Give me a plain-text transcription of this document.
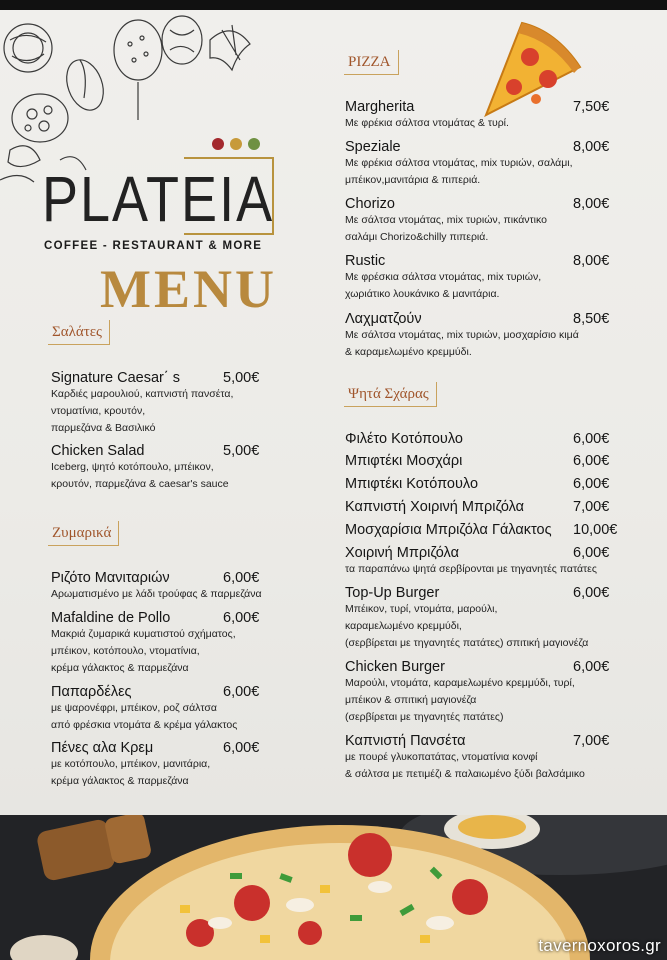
PLATEIA
COFFEE - RESTAURANT & MORE
MENU
Σαλάτες
Signature Caesar΄ s	5,00€
Καρδιές μαρουλιού, καπνιστή πανσέτα,
ντοματίνια, κρουτόν,
παρμεζάνα & Βασιλικό
Chicken Salad	5,00€
Iceberg, ψητό κοτόπουλο, μπέικον,
κρουτόν, παρμεζάνα & caesar's sauce
Ζυμαρικά
Ριζότο Μανιταριών	6,00€
Αρωματισμένο με λάδι τρούφας & παρμεζάνα
Mafaldine de Pollo	6,00€
Μακριά ζυμαρικά κυματιστού σχήματος,
μπέικον, κοτόπουλο, ντοματίνια,
κρέμα γάλακτος & παρμεζάνα
Παπαρδέλες	6,00€
με ψαρονέφρι, μπέικον, ροζ σάλτσα
από φρέσκια ντομάτα & κρέμα γάλακτος
Πένες αλα Κρεμ	6,00€
με κοτόπουλο, μπέικον, μανιτάρια,
κρέμα γάλακτος & παρμεζάνα
PIZZA
Margherita	7,50€
Με φρέκια σάλτσα ντομάτας & τυρί.
Speziale	8,00€
Με φρέκια σάλτσα ντομάτας, mix τυριών, σαλάμι,
μπέικον,μανιτάρια & πιπεριά.
Chorizo	8,00€
Με σάλτσα ντομάτας, mix τυριών, πικάντικο
σαλάμι Chorizo&chilly πιπεριά.
Rustic	8,00€
Με φρέσκια σάλτσα ντομάτας, mix τυριών,
χωριάτικο λουκάνικο & μανιτάρια.
Λαχματζούν	8,50€
Με σάλτσα ντομάτας, mix τυριών, μοσχαρίσιο κιμά
& καραμελωμένο κρεμμύδι.
Ψητά Σχάρας
Φιλέτο Κοτόπουλο	6,00€
Μπιφτέκι Μοσχάρι	6,00€
Μπιφτέκι Κοτόπουλο	6,00€
Καπνιστή Χοιρινή Μπριζόλα	7,00€
Μοσχαρίσια Μπριζόλα Γάλακτος	10,00€
Χοιρινή Μπριζόλα	6,00€
τα παραπάνω ψητά σερβίρονται με τηγανητές πατάτες
Top-Up Burger	6,00€
Μπέικον, τυρί, ντομάτα, μαρούλι,
καραμελωμένο κρεμμύδι,
(σερβίρεται με τηγανητές πατάτες) σπιτική μαγιονέζα
Chicken Burger	6,00€
Μαρούλι, ντομάτα, καραμελωμένο κρεμμύδι, τυρί,
μπέικον & σπιτική μαγιονέζα
(σερβίρεται με τηγανητές πατάτες)
Καπνιστή Πανσέτα	7,00€
με πουρέ γλυκοπατάτας, ντοματίνια κονφί
& σάλτσα με πετιμέζι & παλαιωμένο ξύδι βαλσάμικο
tavernoxoros.gr
